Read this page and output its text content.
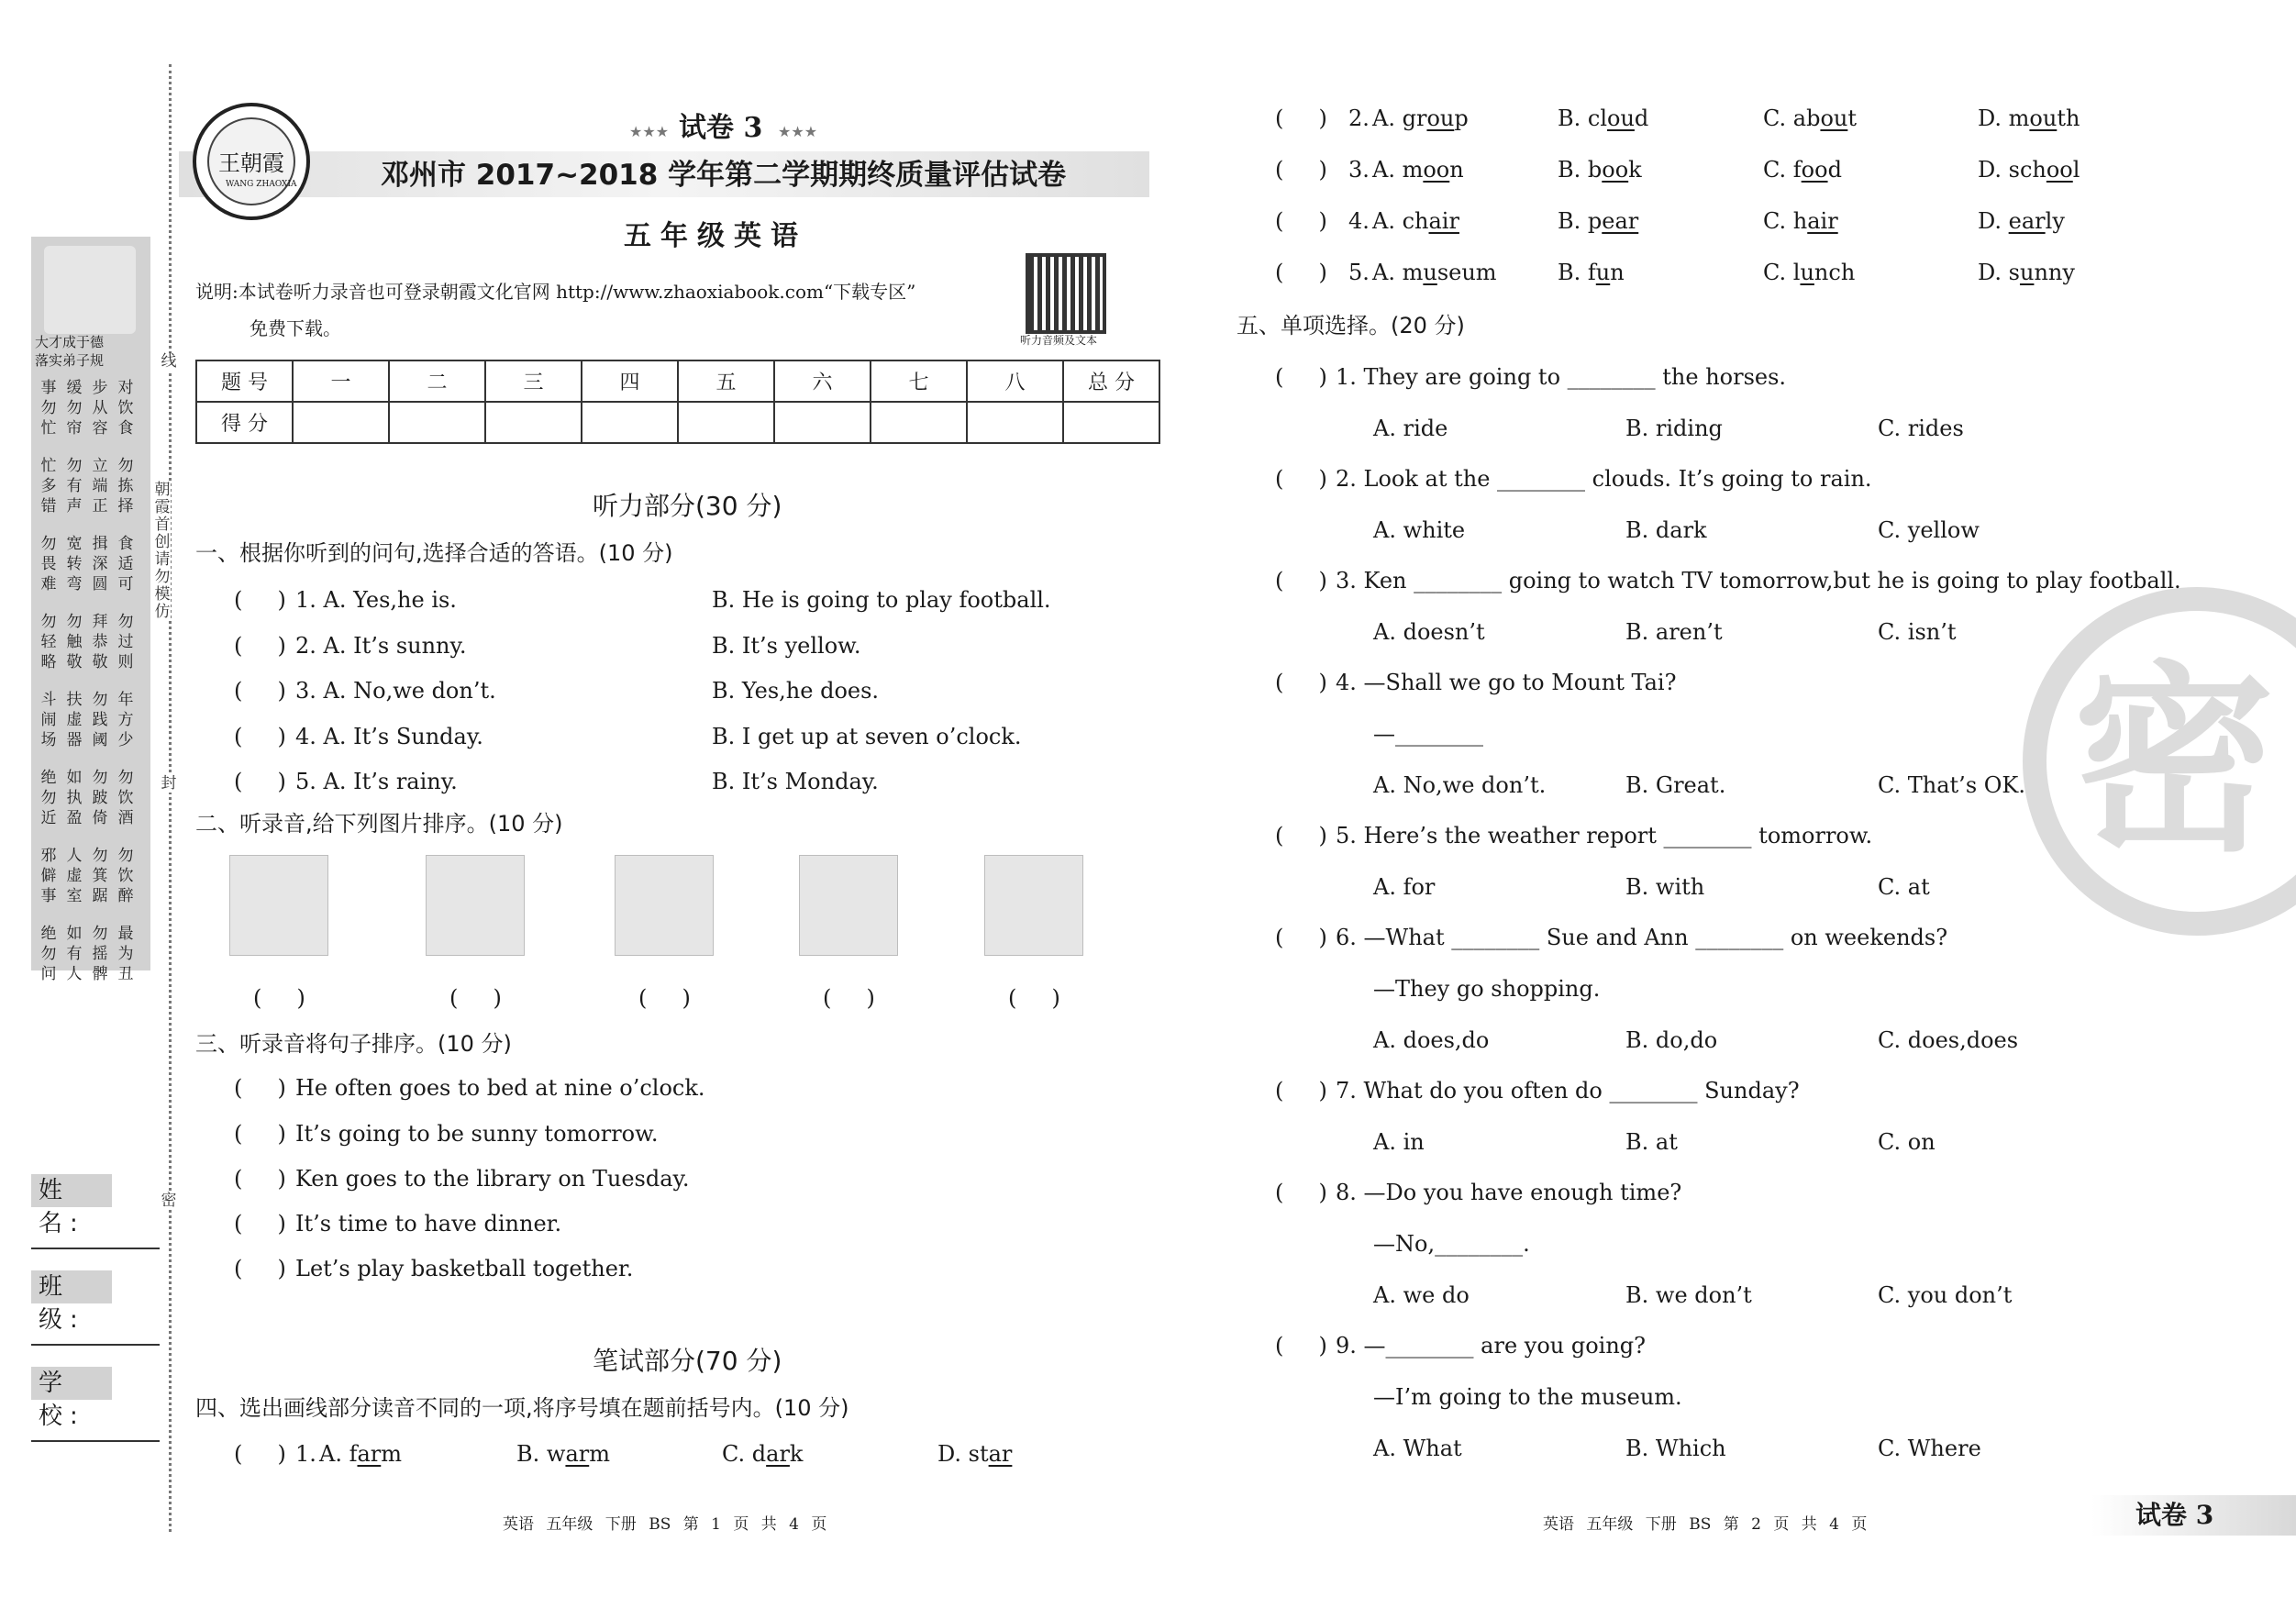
大才成于德
落实弟子规	线
朝霞首创 请勿模仿
封
密
姓 名:
班 级:
学 校:
王朝霞
WANG ZHAOXIA
★★★ 试卷 3 ★★★
邓州市 2017~2018 学年第二学期期终质量评估试卷
五年级英语
说明:本试卷听力录音也可登录朝霞文化官网 http://www.zhaoxiabook.com“下载专区”
免费下载。
听力音频及文本
题 号	一	二	三	四	五	六	七	八	总 分
得 分									
听力部分(30 分)
一、根据你听到的问句,选择合适的答语。(10 分)
二、听录音,给下列图片排序。(10 分)
三、听录音将句子排序。(10 分)
笔试部分(70 分)
四、选出画线部分读音不同的一项,将序号填在题前括号内。(10 分)
英语 五年级 下册 BS 第 1 页 共 4 页
密
五、单项选择。(20 分)
英语 五年级 下册 BS 第 2 页 共 4 页	试卷 3
事勿忙
缓勿帘
步从容
对饮食
忙多错
勿有声
立端正
勿拣择
勿畏难
宽转弯
揖深圆
食适可
勿轻略
勿触敬
拜恭敬
勿过则
斗闹场
扶虚器
勿践阈
年方少
绝勿近
如执盈
勿跛倚
勿饮酒
邪僻事
人虚室
勿箕踞
勿饮醉
绝勿问
如有人
勿摇髀
最为丑
(     ) 1. A. Yes,he is.	B. He is going to play football.
(     ) 2. A. It’s sunny.	B. It’s yellow.
(     ) 3. A. No,we don’t.	B. Yes,he does.
(     ) 4. A. It’s Sunday.	B. I get up at seven o’clock.
(     ) 5. A. It’s rainy.	B. It’s Monday.
(     )	(     )	(     )	(     )	(     )
(     ) He often goes to bed at nine o’clock.
(     ) It’s going to be sunny tomorrow.
(     ) Ken goes to the library on Tuesday.
(     ) It’s time to have dinner.
(     ) Let’s play basketball together.
(     ) 1. A. farm	B. warm	C. dark	D. star
(     ) 2. A. group	B. cloud	C. about	D. mouth
(     ) 3. A. moon	B. book	C. food	D. school
(     ) 4. A. chair	B. pear	C. hair	D. early
(     ) 5. A. museum	B. fun	C. lunch	D. sunny
(     ) 1. They are going to ________ the horses.
A. ride	B. riding	C. rides
(     ) 2. Look at the ________ clouds. It’s going to rain.
A. white	B. dark	C. yellow
(     ) 3. Ken ________ going to watch TV tomorrow,but he is going to play football.
A. doesn’t	B. aren’t	C. isn’t
(     ) 4. —Shall we go to Mount Tai?
—________
A. No,we don’t.	B. Great.	C. That’s OK.
(     ) 5. Here’s the weather report ________ tomorrow.
A. for	B. with	C. at
(     ) 6. —What ________ Sue and Ann ________ on weekends?
—They go shopping.
A. does,do	B. do,do	C. does,does
(     ) 7. What do you often do ________ Sunday?
A. in	B. at	C. on
(     ) 8. —Do you have enough time?
—No,________.
A. we do	B. we don’t	C. you don’t
(     ) 9. —________ are you going?
—I’m going to the museum.
A. What	B. Which	C. Where
